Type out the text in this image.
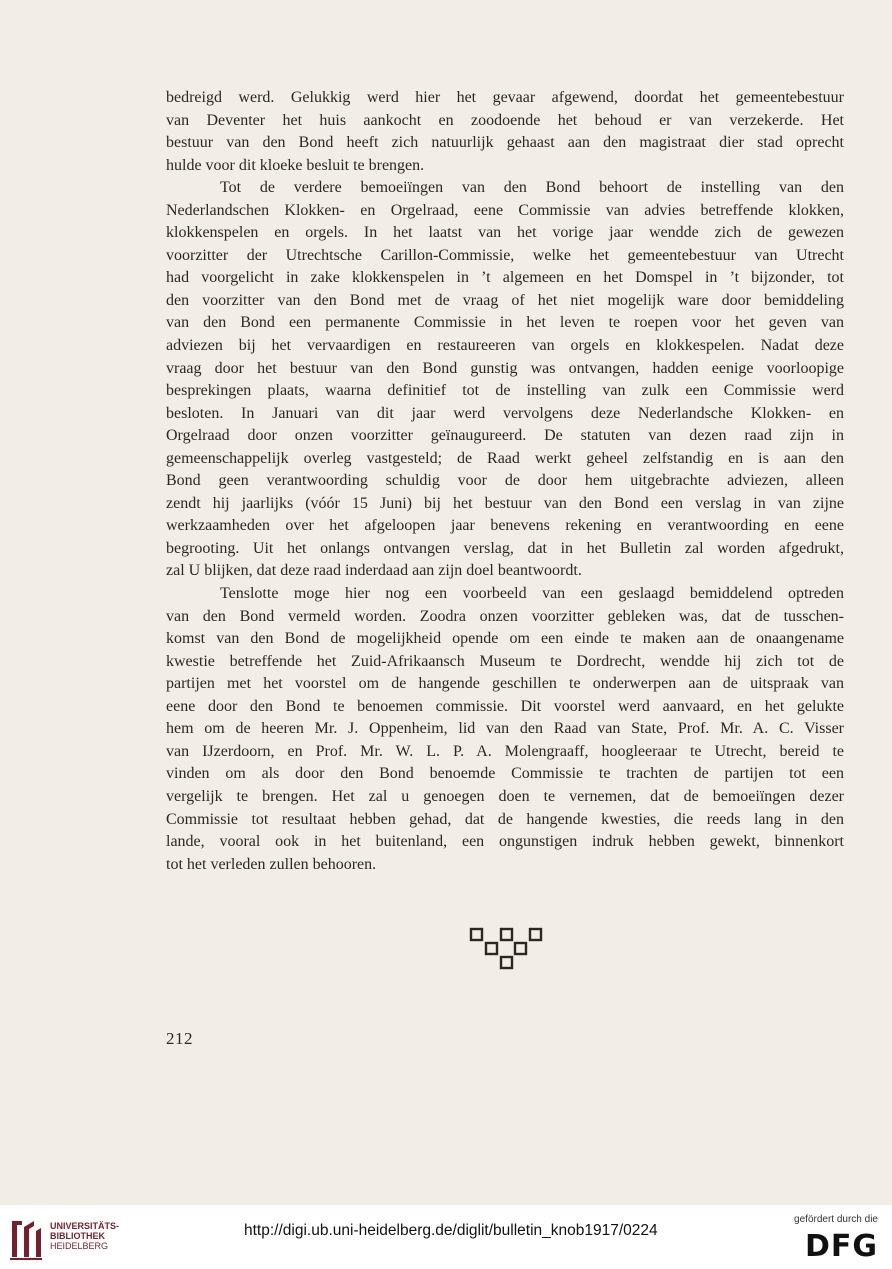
bedreigd werd. Gelukkig werd hier het gevaar afgewend, doordat het gemeentebestuur
van Deventer het huis aankocht en zoodoende het behoud er van verzekerde. Het
bestuur van den Bond heeft zich natuurlijk gehaast aan den magistraat dier stad oprecht
hulde voor dit kloeke besluit te brengen.
Tot de verdere bemoeiïngen van den Bond behoort de instelling van den
Nederlandschen Klokken- en Orgelraad, eene Commissie van advies betreffende klokken,
klokkenspelen en orgels. In het laatst van het vorige jaar wendde zich de gewezen
voorzitter der Utrechtsche Carillon-Commissie, welke het gemeentebestuur van Utrecht
had voorgelicht in zake klokkenspelen in ’t algemeen en het Domspel in ’t bijzonder, tot
den voorzitter van den Bond met de vraag of het niet mogelijk ware door bemiddeling
van den Bond een permanente Commissie in het leven te roepen voor het geven van
adviezen bij het vervaardigen en restaureeren van orgels en klokkespelen. Nadat deze
vraag door het bestuur van den Bond gunstig was ontvangen, hadden eenige voorloopige
besprekingen plaats, waarna definitief tot de instelling van zulk een Commissie werd
besloten. In Januari van dit jaar werd vervolgens deze Nederlandsche Klokken- en
Orgelraad door onzen voorzitter geïnaugureerd. De statuten van dezen raad zijn in
gemeenschappelijk overleg vastgesteld; de Raad werkt geheel zelfstandig en is aan den
Bond geen verantwoording schuldig voor de door hem uitgebrachte adviezen, alleen
zendt hij jaarlijks (vóór 15 Juni) bij het bestuur van den Bond een verslag in van zijne
werkzaamheden over het afgeloopen jaar benevens rekening en verantwoording en eene
begrooting. Uit het onlangs ontvangen verslag, dat in het Bulletin zal worden afgedrukt,
zal U blijken, dat deze raad inderdaad aan zijn doel beantwoordt.
Tenslotte moge hier nog een voorbeeld van een geslaagd bemiddelend optreden
van den Bond vermeld worden. Zoodra onzen voorzitter gebleken was, dat de tusschen-
komst van den Bond de mogelijkheid opende om een einde te maken aan de onaangename
kwestie betreffende het Zuid-Afrikaansch Museum te Dordrecht, wendde hij zich tot de
partijen met het voorstel om de hangende geschillen te onderwerpen aan de uitspraak van
eene door den Bond te benoemen commissie. Dit voorstel werd aanvaard, en het gelukte
hem om de heeren Mr. J. Oppenheim, lid van den Raad van State, Prof. Mr. A. C. Visser
van IJzerdoorn, en Prof. Mr. W. L. P. A. Molengraaff, hoogleeraar te Utrecht, bereid te
vinden om als door den Bond benoemde Commissie te trachten de partijen tot een
vergelijk te brengen. Het zal u genoegen doen te vernemen, dat de bemoeiïngen dezer
Commissie tot resultaat hebben gehad, dat de hangende kwesties, die reeds lang in den
lande, vooral ook in het buitenland, een ongunstigen indruk hebben gewekt, binnenkort
tot het verleden zullen behooren.
212
UNIVERSITÄTS-
BIBLIOTHEK
HEIDELBERG
http://digi.ub.uni-heidelberg.de/diglit/bulletin_knob1917/0224
gefördert durch die
DFG
